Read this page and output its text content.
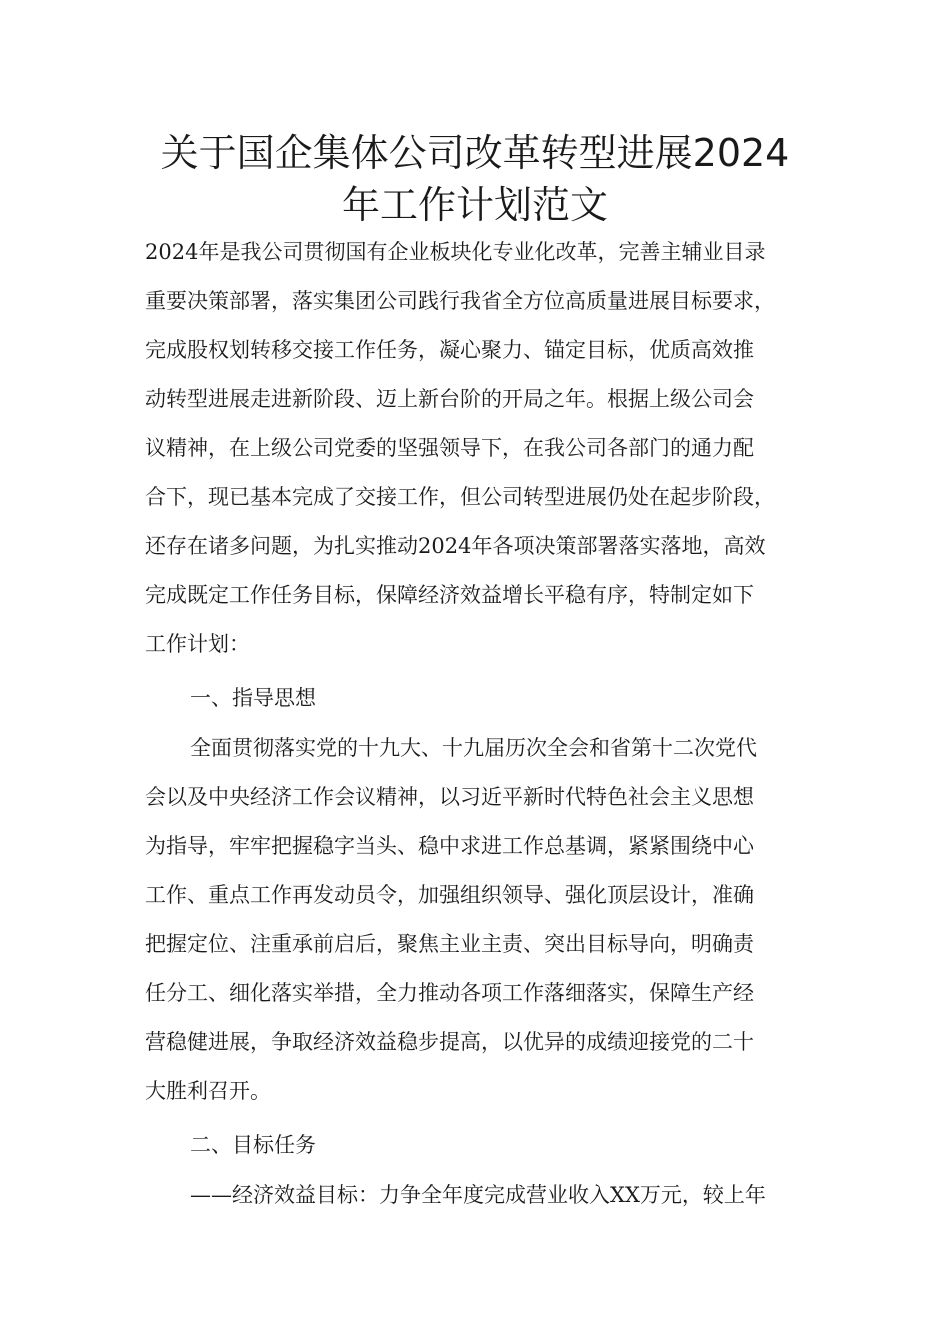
关于国企集体公司改革转型进展2024
年工作计划范文

2024年是我公司贯彻国有企业板块化专业化改革，完善主辅业目录

重要决策部署，落实集团公司践行我省全方位高质量进展目标要求，

完成股权划转移交接工作任务，凝心聚力、锚定目标，优质高效推

动转型进展走进新阶段、迈上新台阶的开局之年。根据上级公司会

议精神，在上级公司党委的坚强领导下，在我公司各部门的通力配

合下，现已基本完成了交接工作，但公司转型进展仍处在起步阶段，

还存在诸多问题，为扎实推动2024年各项决策部署落实落地，高效

完成既定工作任务目标，保障经济效益增长平稳有序，特制定如下

工作计划：

一、指导思想

全面贯彻落实党的十九大、十九届历次全会和省第十二次党代

会以及中央经济工作会议精神，以习近平新时代特色社会主义思想

为指导，牢牢把握稳字当头、稳中求进工作总基调，紧紧围绕中心

工作、重点工作再发动员令，加强组织领导、强化顶层设计，准确

把握定位、注重承前启后，聚焦主业主责、突出目标导向，明确责

任分工、细化落实举措，全力推动各项工作落细落实，保障生产经

营稳健进展，争取经济效益稳步提高，以优异的成绩迎接党的二十

大胜利召开。

二、目标任务

——经济效益目标：力争全年度完成营业收入XX万元，较上年
